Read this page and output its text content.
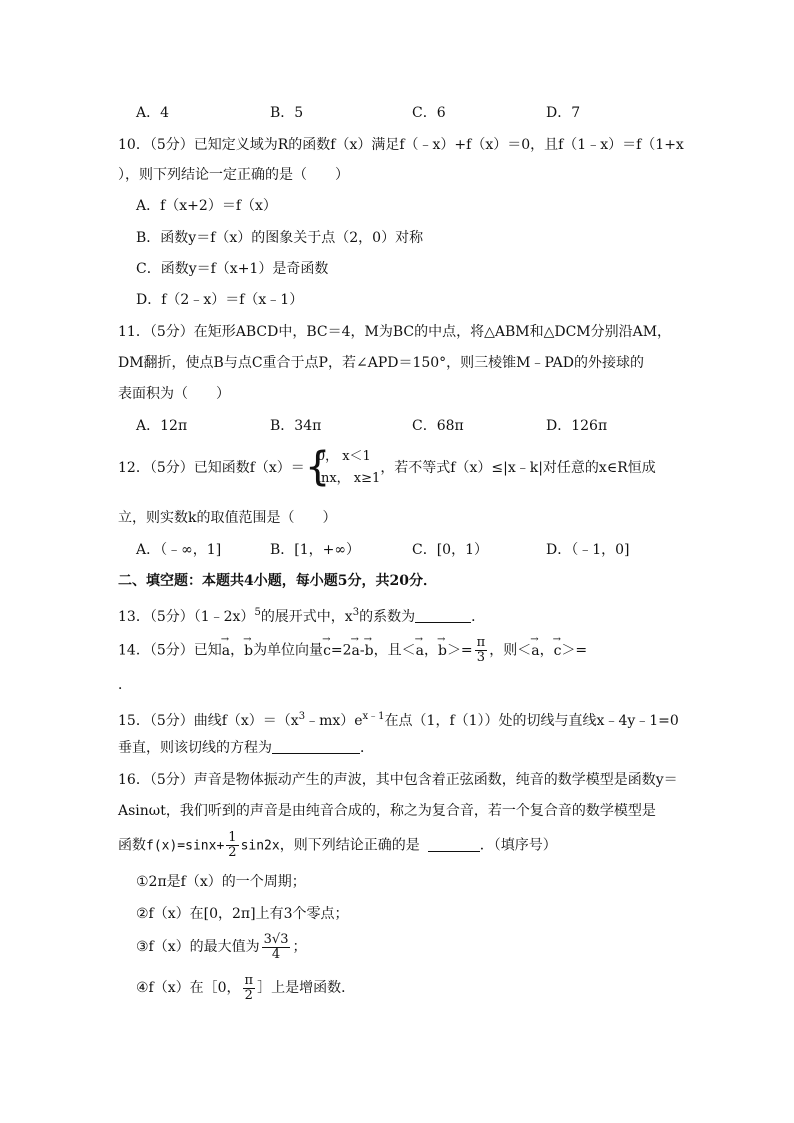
A．4	B．5	C．6	D．7
10．（5分）已知定义域为R的函数f（x）满足f（﹣x）+f（x）＝0，且f（1﹣x）＝f（1+x
），则下列结论一定正确的是（　　）
A．f（x+2）＝f（x）
B．函数y＝f（x）的图象关于点（2，0）对称
C．函数y＝f（x+1）是奇函数
D．f（2﹣x）＝f（x﹣1）
11．（5分）在矩形ABCD中，BC＝4，M为BC的中点，将△ABM和△DCM分别沿AM，
DM翻折，使点B与点C重合于点P，若∠APD＝150°，则三棱锥M﹣PAD的外接球的
表面积为（　　）
A．12π	B．34π	C．68π	D．126π
12．（5分）已知函数f（x）＝ {
0， x＜1
lnx， x≥1
，若不等式f（x）≤|x﹣k|对任意的x∈R恒成
立，则实数k的取值范围是（　　）
A．（﹣∞，1]	B．[1，+∞）	C．[0，1）	D．（﹣1，0]
二、填空题：本题共4小题，每小题5分，共20分．
13．（5分）（1﹣2x）$^5$的展开式中，$x^3$的系数为	．
14．（5分）已知→ a，→ b为单位向量→ c=2→ a-→ b，且＜→ a，→ $b>= \frac{\pi}{3}$ ，则＜→ a，→ c＞=
．
15．（5分）曲线$f(x)=(x^3﹣mx)e^{x﹣1}$在点（1，f（1））处的切线与直线x﹣4y﹣1=0
垂直，则该切线的方程为	．
16．（5分）声音是物体振动产生的声波，其中包含着正弦函数，纯音的数学模型是函数y＝
Asinωt，我们听到的声音是由纯音合成的，称之为复合音，若一个复合音的数学模型是
函数$f(x)=\sin x+ \frac{1}{2} \sin 2x$，则下列结论正确的是	．（填序号）
①2π是f（x）的一个周期；
②f（x）在[0，2π]上有3个零点；
③f（x）的最大值为 $\frac{3√3}{4}$ ；
④f（x）在［0， $\frac{\pi}{2}$ ］上是增函数．
